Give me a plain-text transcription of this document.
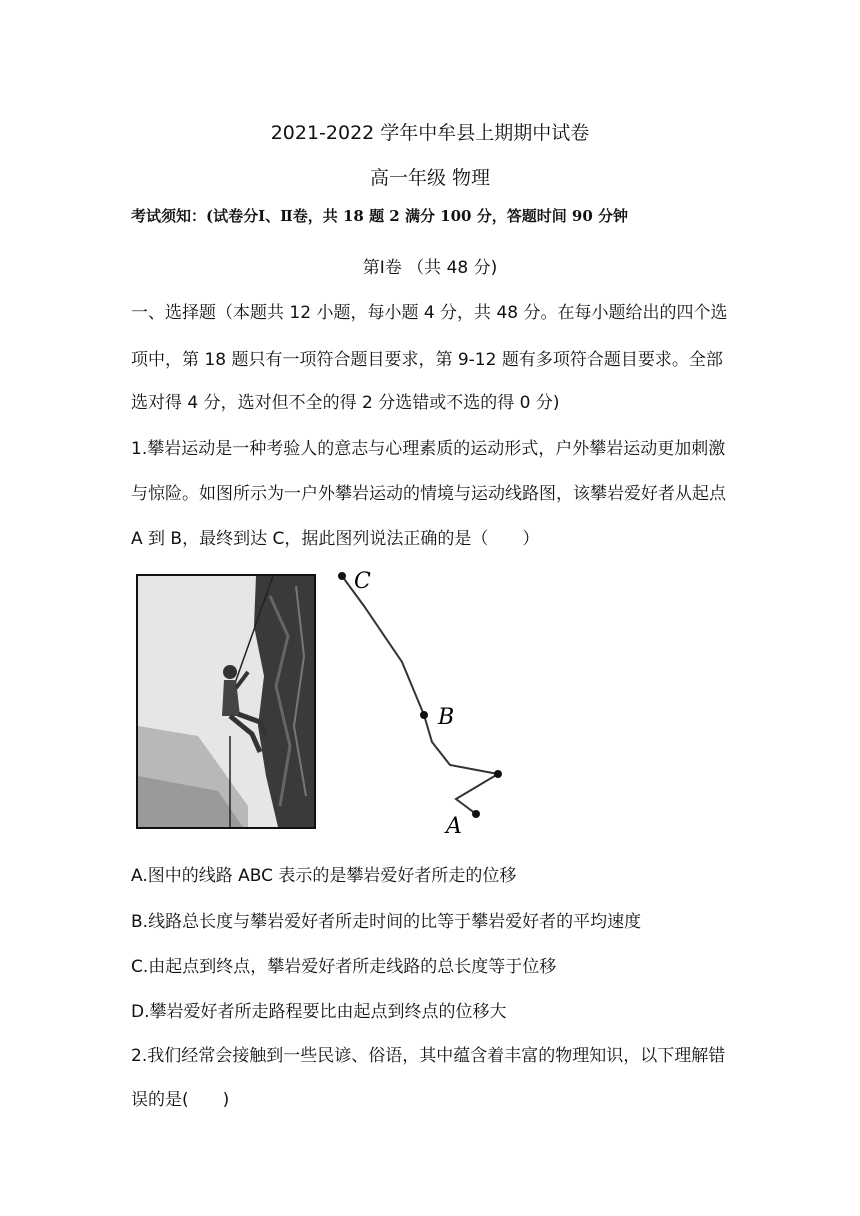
2021-2022 学年中牟县上期期中试卷
高一年级 物理
考试须知：(试卷分Ⅰ、Ⅱ卷，共 18 题 2 满分 100 分，答题时间 90 分钟
第Ⅰ卷 （共 48 分)
一、选择题（本题共 12 小题，每小题 4 分，共 48 分。在每小题给出的四个选
项中，第 18 题只有一项符合题目要求，第 9-12 题有多项符合题目要求。全部
选对得 4 分，选对但不全的得 2 分选错或不选的得 0 分)
1.攀岩运动是一种考验人的意志与心理素质的运动形式，户外攀岩运动更加刺激
与惊险。如图所示为一户外攀岩运动的情境与运动线路图，该攀岩爱好者从起点
A 到 B，最终到达 C，据此图列说法正确的是（　　）
C
B
A
A.图中的线路 ABC 表示的是攀岩爱好者所走的位移
B.线路总长度与攀岩爱好者所走时间的比等于攀岩爱好者的平均速度
C.由起点到终点，攀岩爱好者所走线路的总长度等于位移
D.攀岩爱好者所走路程要比由起点到终点的位移大
2.我们经常会接触到一些民谚、俗语，其中蕴含着丰富的物理知识，以下理解错
误的是(　　)
